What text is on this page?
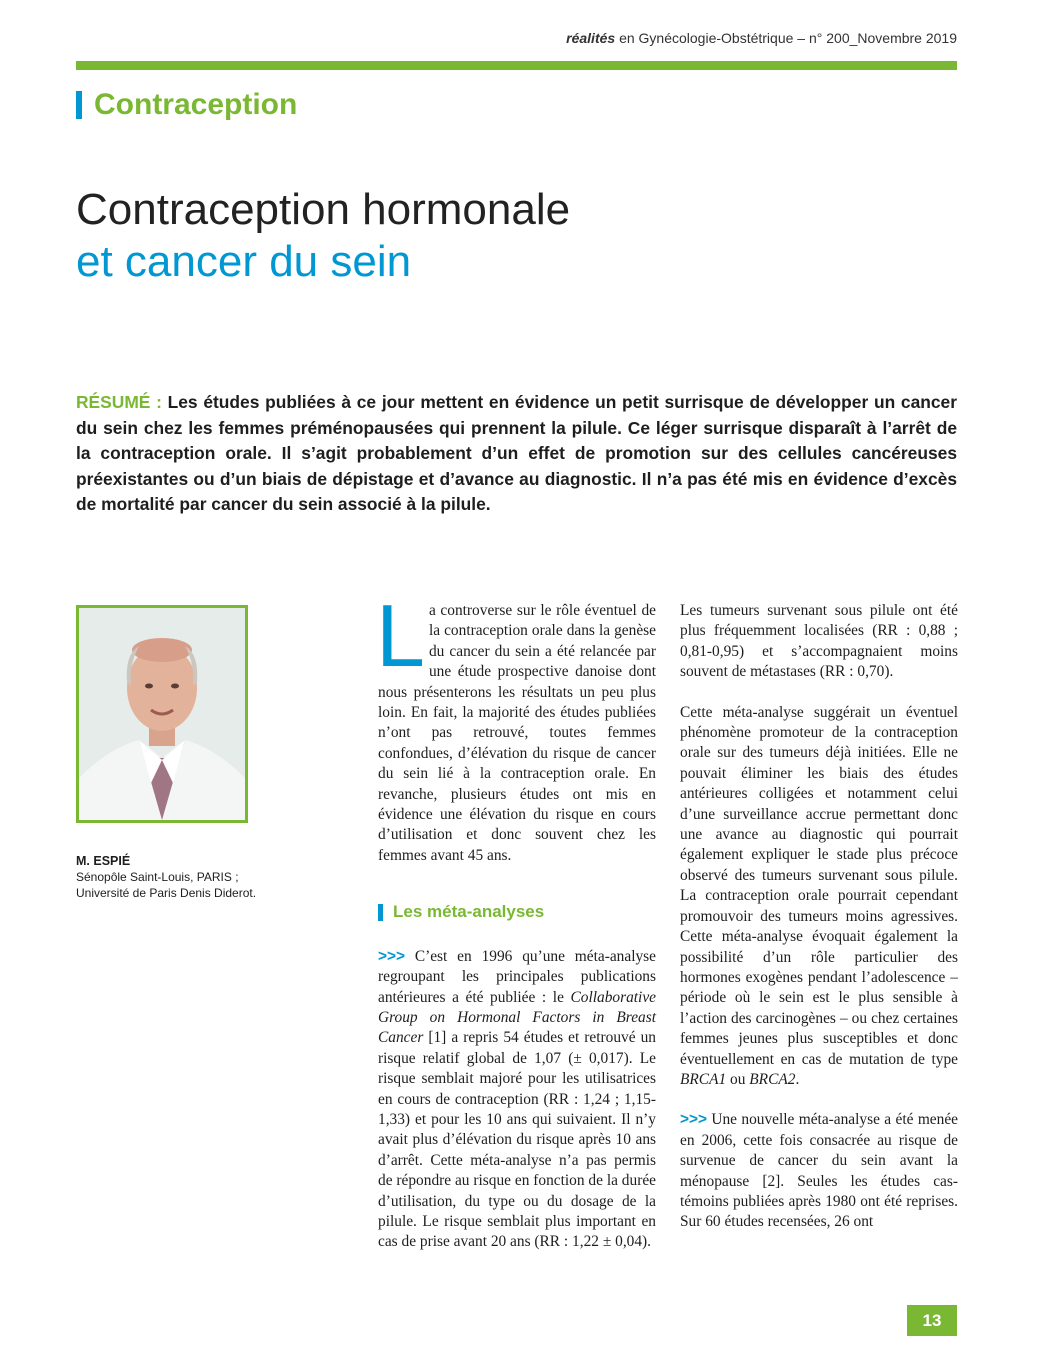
réalités en Gynécologie-Obstétrique – n° 200_Novembre 2019
Contraception
Contraception hormonale
et cancer du sein
RÉSUMÉ : Les études publiées à ce jour mettent en évidence un petit surrisque de développer un cancer du sein chez les femmes préménopausées qui prennent la pilule. Ce léger surrisque disparaît à l’arrêt de la contraception orale. Il s’agit probablement d’un effet de promotion sur des cellules cancéreuses préexistantes ou d’un biais de dépistage et d’avance au diagnostic. Il n’a pas été mis en évidence d’excès de mortalité par cancer du sein associé à la pilule.
M. ESPIÉ
Sénopôle Saint-Louis, PARIS ;
Université de Paris Denis Diderot.

La controverse sur le rôle éventuel de la contraception orale dans la genèse du cancer du sein a été relancée par une étude prospective danoise dont nous présenterons les résultats un peu plus loin. En fait, la majorité des études publiées n’ont pas retrouvé, toutes femmes confondues, d’élévation du risque de cancer du sein lié à la contraception orale. En revanche, plusieurs études ont mis en évidence une élévation du risque en cours d’utilisation et donc souvent chez les femmes avant 45 ans.

Les méta-analyses

>>> C’est en 1996 qu’une méta-analyse regroupant les principales publications antérieures a été publiée : le Collaborative Group on Hormonal Factors in Breast Cancer [1] a repris 54 études et retrouvé un risque relatif global de 1,07 (± 0,017). Le risque semblait majoré pour les utilisatrices en cours de contraception (RR : 1,24 ; 1,15-1,33) et pour les 10 ans qui suivaient. Il n’y avait plus d’élévation du risque après 10 ans d’arrêt. Cette méta-analyse n’a pas permis de répondre au risque en fonction de la durée d’utilisation, du type ou du dosage de la pilule. Le risque semblait plus important en cas de prise avant 20 ans (RR : 1,22 ± 0,04).

Les tumeurs survenant sous pilule ont été plus fréquemment localisées (RR : 0,88 ; 0,81-0,95) et s’accompagnaient moins souvent de métastases (RR : 0,70).

Cette méta-analyse suggérait un éventuel phénomène promoteur de la contraception orale sur des tumeurs déjà initiées. Elle ne pouvait éliminer les biais des études antérieures colligées et notamment celui d’une surveillance accrue permettant donc une avance au diagnostic qui pourrait également expliquer le stade plus précoce observé des tumeurs survenant sous pilule. La contraception orale pourrait cependant promouvoir des tumeurs moins agressives. Cette méta-analyse évoquait également la possibilité d’un rôle particulier des hormones exogènes pendant l’adolescence – période où le sein est le plus sensible à l’action des carcinogènes – ou chez certaines femmes jeunes plus susceptibles et donc éventuellement en cas de mutation de type BRCA1 ou BRCA2.

>>> Une nouvelle méta-analyse a été menée en 2006, cette fois consacrée au risque de survenue de cancer du sein avant la ménopause [2]. Seules les études cas-témoins publiées après 1980 ont été reprises. Sur 60 études recensées, 26 ont

13
